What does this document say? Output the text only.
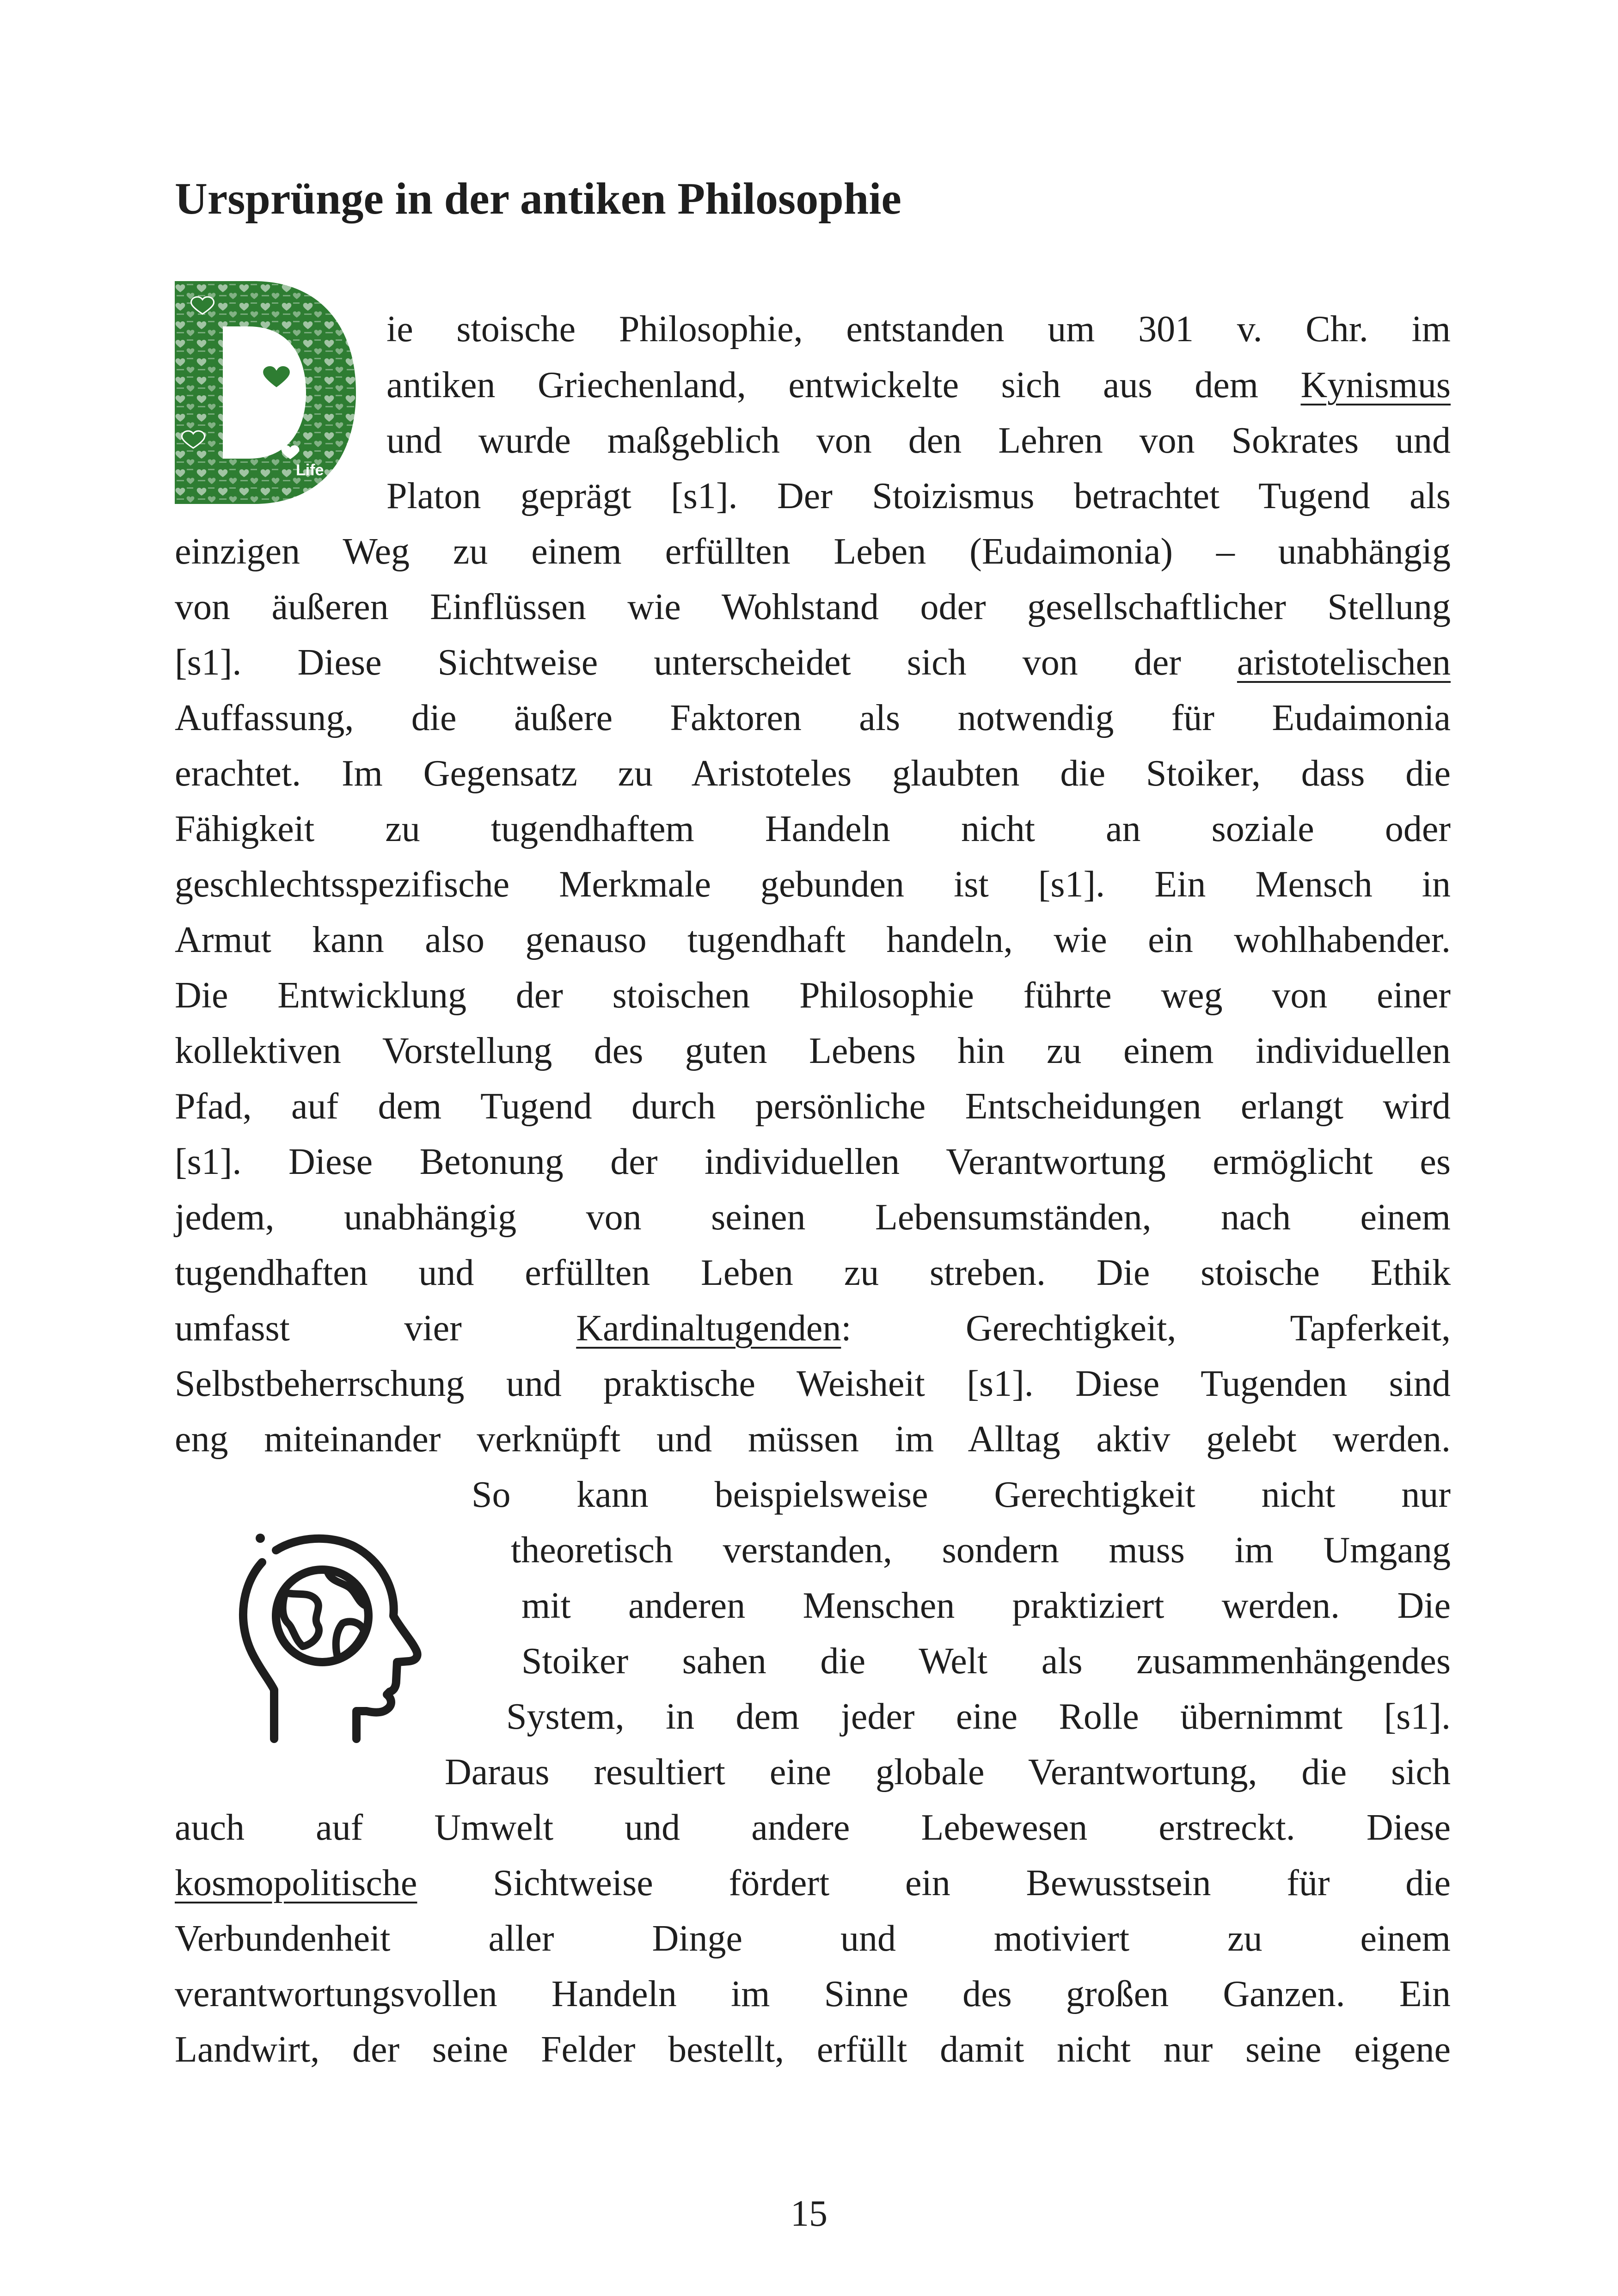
Ursprünge in der antiken Philosophie
Life
ie stoische Philosophie, entstanden um 301 v. Chr. im
antiken Griechenland, entwickelte sich aus dem Kynismus
und wurde maßgeblich von den Lehren von Sokrates und
Platon geprägt [s1]. Der Stoizismus betrachtet Tugend als
einzigen Weg zu einem erfüllten Leben (Eudaimonia) – unabhängig
von äußeren Einflüssen wie Wohlstand oder gesellschaftlicher Stellung
[s1]. Diese Sichtweise unterscheidet sich von der aristotelischen
Auffassung, die äußere Faktoren als notwendig für Eudaimonia
erachtet. Im Gegensatz zu Aristoteles glaubten die Stoiker, dass die
Fähigkeit zu tugendhaftem Handeln nicht an soziale oder
geschlechtsspezifische Merkmale gebunden ist [s1]. Ein Mensch in
Armut kann also genauso tugendhaft handeln, wie ein wohlhabender.
Die Entwicklung der stoischen Philosophie führte weg von einer
kollektiven Vorstellung des guten Lebens hin zu einem individuellen
Pfad, auf dem Tugend durch persönliche Entscheidungen erlangt wird
[s1]. Diese Betonung der individuellen Verantwortung ermöglicht es
jedem, unabhängig von seinen Lebensumständen, nach einem
tugendhaften und erfüllten Leben zu streben. Die stoische Ethik
umfasst vier Kardinaltugenden: Gerechtigkeit, Tapferkeit,
Selbstbeherrschung und praktische Weisheit [s1]. Diese Tugenden sind
eng miteinander verknüpft und müssen im Alltag aktiv gelebt werden.
So kann beispielsweise Gerechtigkeit nicht nur
theoretisch verstanden, sondern muss im Umgang
mit anderen Menschen praktiziert werden. Die
Stoiker sahen die Welt als zusammenhängendes
System, in dem jeder eine Rolle übernimmt [s1].
Daraus resultiert eine globale Verantwortung, die sich
auch auf Umwelt und andere Lebewesen erstreckt. Diese
kosmopolitische Sichtweise fördert ein Bewusstsein für die
Verbundenheit aller Dinge und motiviert zu einem
verantwortungsvollen Handeln im Sinne des großen Ganzen. Ein
Landwirt, der seine Felder bestellt, erfüllt damit nicht nur seine eigene
15
